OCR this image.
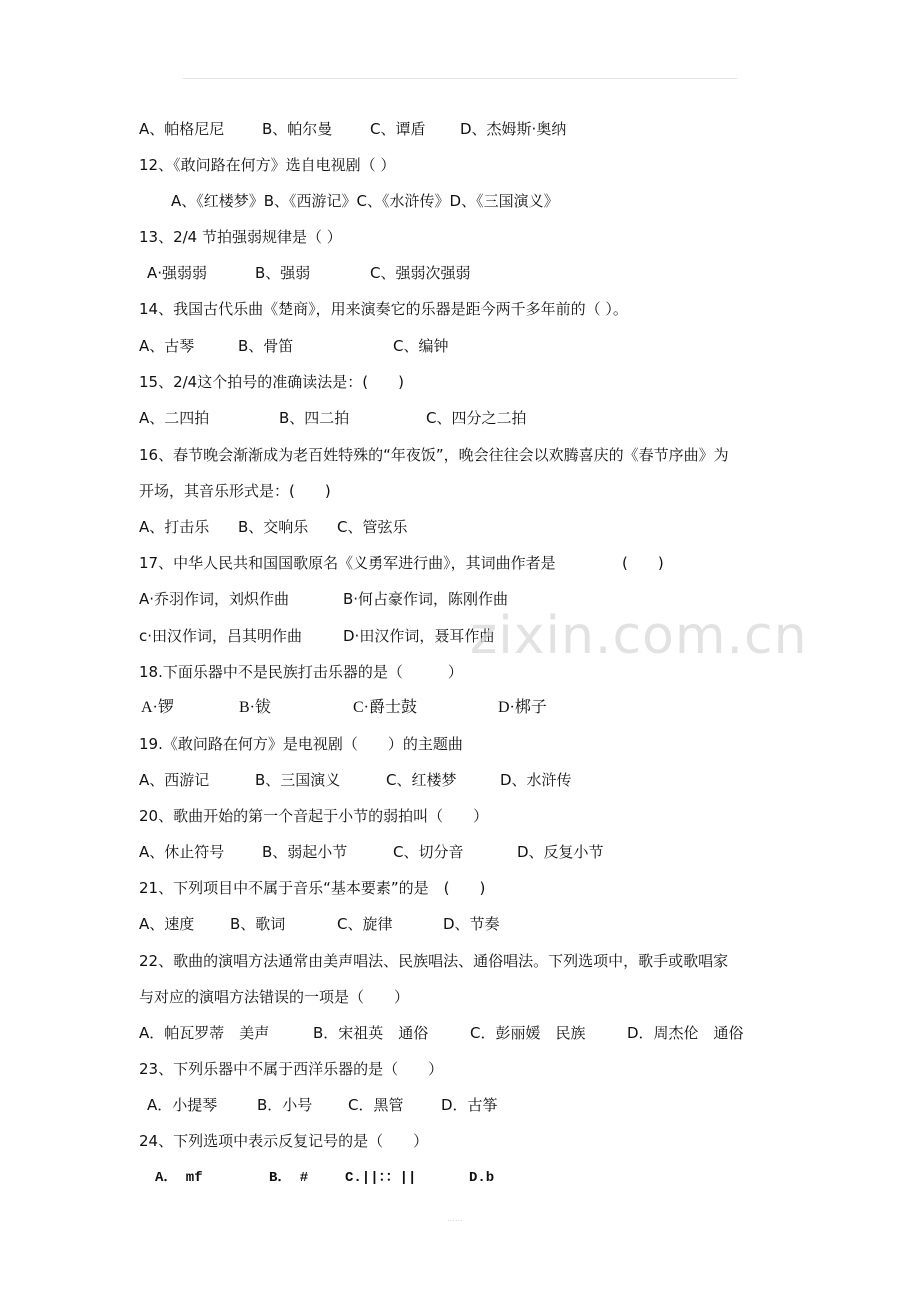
A、帕格尼尼	B、帕尔曼	C、谭盾 D、杰姆斯·奥纳
12、《敢问路在何方》选自电视剧（ ）
A、《红楼梦》B、《西游记》C、《水浒传》D、《三国演义》
13、2/4 节拍强弱规律是（ ）
A·强弱弱	B、强弱	C、强弱次强弱
14、我国古代乐曲《楚商》，用来演奏它的乐器是距今两千多年前的（ ）。
A、古琴	B、骨笛	C、编钟
15、2/4这个拍号的准确读法是：(　　)
A、二四拍	B、四二拍	C、四分之二拍
16、春节晚会渐渐成为老百姓特殊的“年夜饭”，晚会往往会以欢腾喜庆的《春节序曲》为
开场，其音乐形式是：(　　)
A、打击乐 B、交响乐 C、管弦乐
17、中华人民共和国国歌原名《义勇军进行曲》，其词曲作者是	(　　)
A·乔羽作词，刘炽作曲	B·何占豪作词，陈刚作曲
c·田汉作词，吕其明作曲	D·田汉作词，聂耳作曲
18.下面乐器中不是民族打击乐器的是（　　　）
A·锣	B·钹	C·爵士鼓	D·梆子
19.《敢问路在何方》是电视剧（　　）的主题曲
A、西游记	B、三国演义	C、红楼梦	D、水浒传
20、歌曲开始的第一个音起于小节的弱拍叫（　　）
A、休止符号	B、弱起小节	C、切分音	D、反复小节
21、下列项目中不属于音乐“基本要素”的是　(　　)
A、速度 B、歌词	C、旋律	D、节奏
22、歌曲的演唱方法通常由美声唱法、民族唱法、通俗唱法。下列选项中，歌手或歌唱家
与对应的演唱方法错误的一项是（　　）
A．帕瓦罗蒂　美声	B．宋祖英　通俗	C．彭丽媛　民族	D．周杰伦　通俗
23、下列乐器中不属于西洋乐器的是（　　）
A．小提琴	B．小号 C．黑管	D．古筝
24、下列选项中表示反复记号的是（　　）
A． mf	B． #	C.||：：||	D.b
zixin.com.cn
……
